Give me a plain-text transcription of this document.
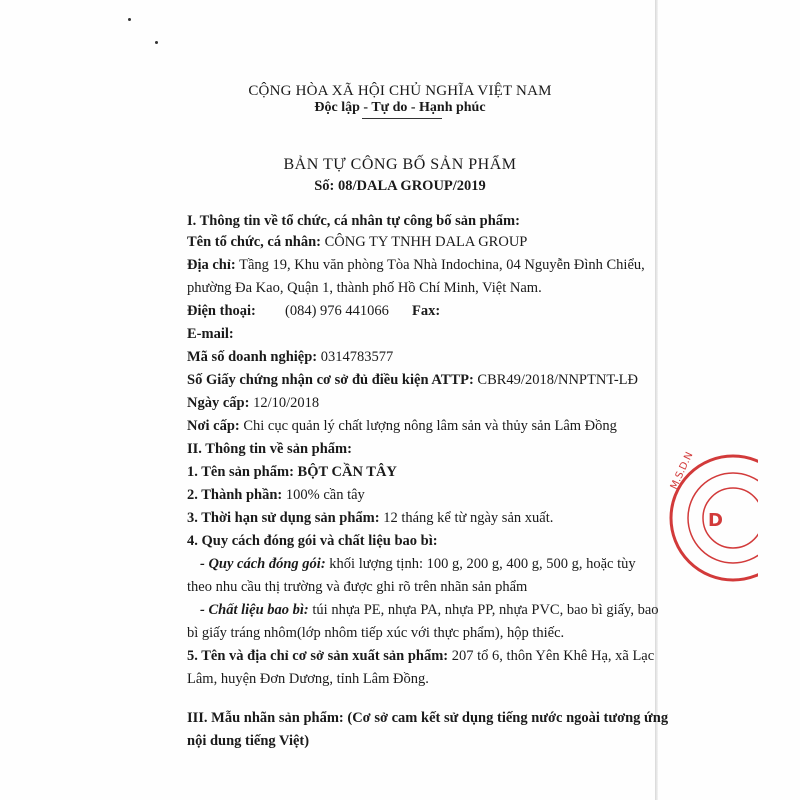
CỘNG HÒA XÃ HỘI CHỦ NGHĨA VIỆT NAM
Độc lập - Tự do - Hạnh phúc
BẢN TỰ CÔNG BỐ SẢN PHẨM
Số: 08/DALA GROUP/2019
I. Thông tin về tổ chức, cá nhân tự công bố sản phẩm:
Tên tổ chức, cá nhân: CÔNG TY TNHH DALA GROUP
Địa chỉ: Tầng 19, Khu văn phòng Tòa Nhà Indochina, 04 Nguyễn Đình Chiểu,
phường Đa Kao, Quận 1, thành phố Hồ Chí Minh, Việt Nam.
Điện thoại: (084) 976 441066 Fax:
E-mail:
Mã số doanh nghiệp: 0314783577
Số Giấy chứng nhận cơ sở đủ điều kiện ATTP: CBR49/2018/NNPTNT-LĐ
Ngày cấp: 12/10/2018
Nơi cấp: Chi cục quản lý chất lượng nông lâm sản và thủy sản Lâm Đồng
II. Thông tin về sản phẩm:
1. Tên sản phẩm: BỘT CẦN TÂY
2. Thành phần: 100% cần tây
3. Thời hạn sử dụng sản phẩm: 12 tháng kể từ ngày sản xuất.
4. Quy cách đóng gói và chất liệu bao bì:
- Quy cách đóng gói: khối lượng tịnh: 100 g, 200 g, 400 g, 500 g, hoặc tùy
theo nhu cầu thị trường và được ghi rõ trên nhãn sản phẩm
- Chất liệu bao bì: túi nhựa PE, nhựa PA, nhựa PP, nhựa PVC, bao bì giấy, bao
bì giấy tráng nhôm(lớp nhôm tiếp xúc với thực phẩm), hộp thiếc.
5. Tên và địa chỉ cơ sở sản xuất sản phẩm: 207 tổ 6, thôn Yên Khê Hạ, xã Lạc
Lâm, huyện Đơn Dương, tỉnh Lâm Đồng.
III. Mẫu nhãn sản phẩm: (Cơ sở cam kết sử dụng tiếng nước ngoài tương ứng
nội dung tiếng Việt)
M.S.D.N
D
